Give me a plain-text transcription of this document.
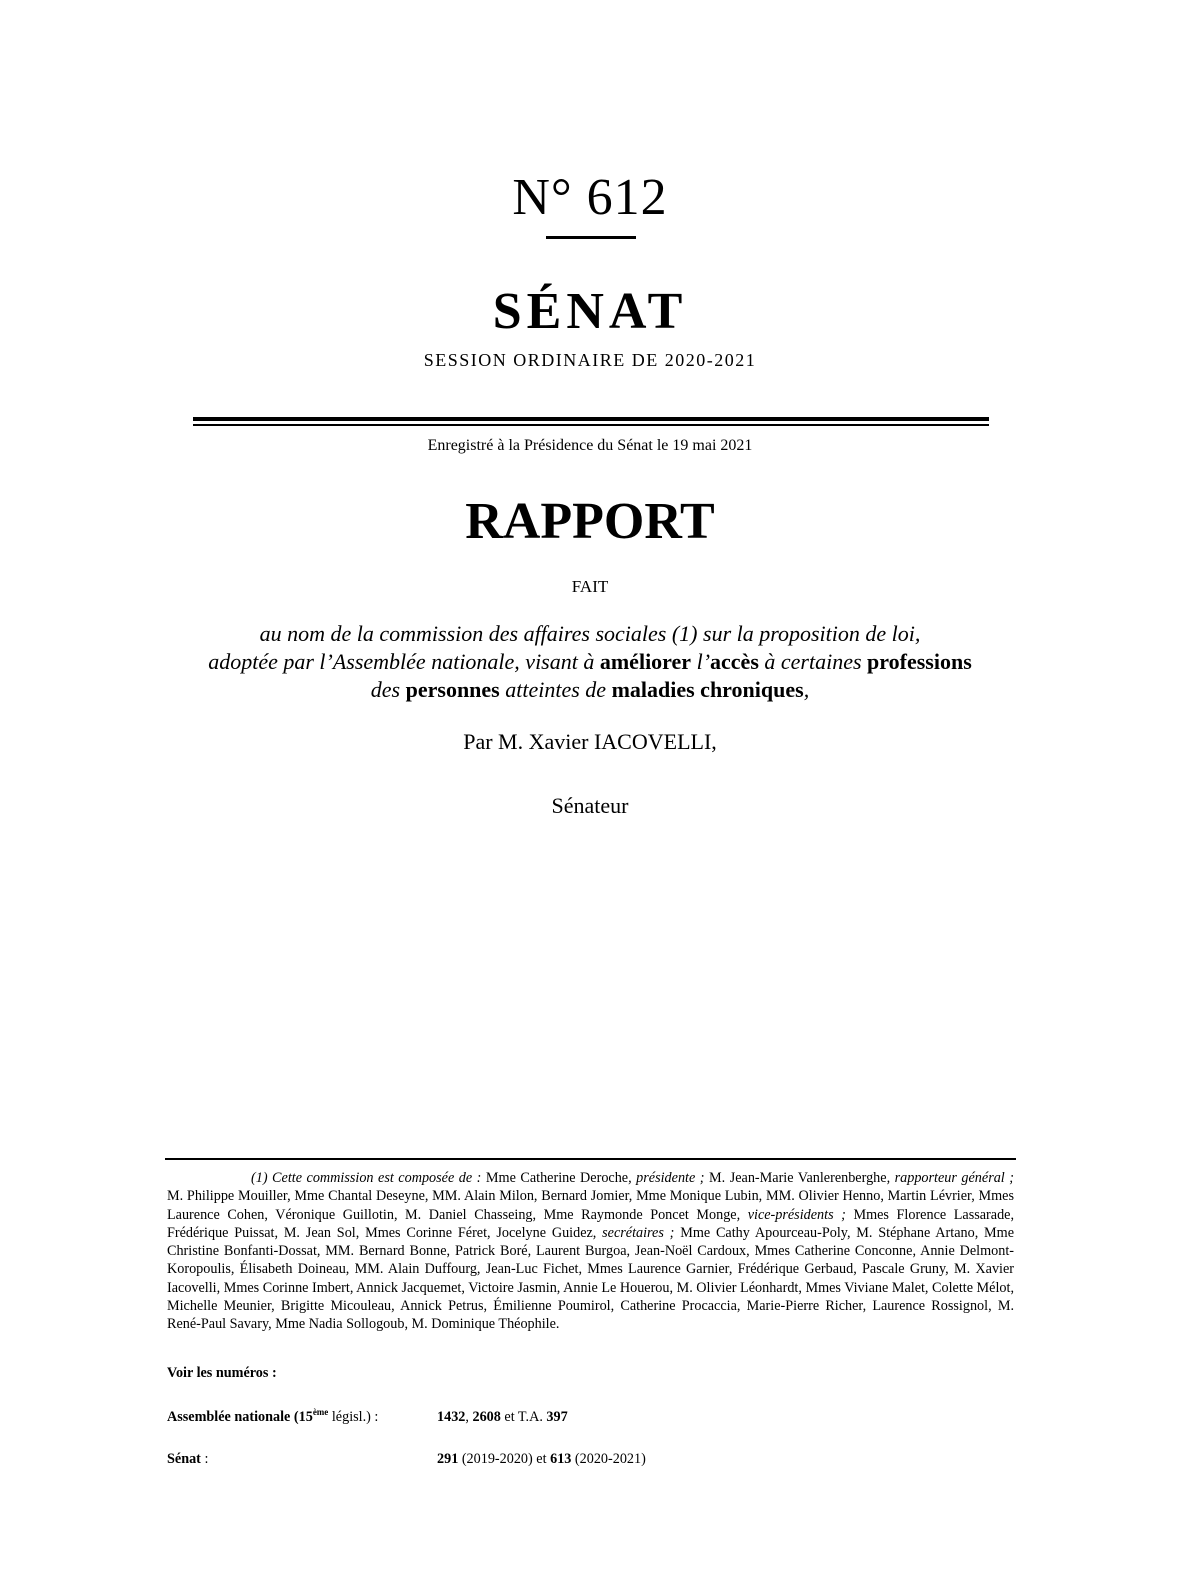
N° 612
SÉNAT
SESSION ORDINAIRE DE 2020-2021
Enregistré à la Présidence du Sénat le 19 mai 2021
RAPPORT
FAIT
au nom de la commission des affaires sociales (1) sur la proposition de loi,
adoptée par l’Assemblée nationale, visant à améliorer l’accès à certaines professions
des personnes atteintes de maladies chroniques,
Par M. Xavier IACOVELLI,
Sénateur
(1) Cette commission est composée de : Mme Catherine Deroche, présidente ; M. Jean-Marie Vanlerenberghe, rapporteur général ; M. Philippe Mouiller, Mme Chantal Deseyne, MM. Alain Milon, Bernard Jomier, Mme Monique Lubin, MM. Olivier Henno, Martin Lévrier, Mmes Laurence Cohen, Véronique Guillotin, M. Daniel Chasseing, Mme Raymonde Poncet Monge, vice-présidents ; Mmes Florence Lassarade, Frédérique Puissat, M. Jean Sol, Mmes Corinne Féret, Jocelyne Guidez, secrétaires ; Mme Cathy Apourceau-Poly, M. Stéphane Artano, Mme Christine Bonfanti-Dossat, MM. Bernard Bonne, Patrick Boré, Laurent Burgoa, Jean-Noël Cardoux, Mmes Catherine Conconne, Annie Delmont-Koropoulis, Élisabeth Doineau, MM. Alain Duffourg, Jean-Luc Fichet, Mmes Laurence Garnier, Frédérique Gerbaud, Pascale Gruny, M. Xavier Iacovelli, Mmes Corinne Imbert, Annick Jacquemet, Victoire Jasmin, Annie Le Houerou, M. Olivier Léonhardt, Mmes Viviane Malet, Colette Mélot, Michelle Meunier, Brigitte Micouleau, Annick Petrus, Émilienne Poumirol, Catherine Procaccia, Marie-Pierre Richer, Laurence Rossignol, M. René-Paul Savary, Mme Nadia Sollogoub, M. Dominique Théophile.
Voir les numéros :
Assemblée nationale (15ème législ.) :	1432, 2608 et T.A. 397
Sénat :	291 (2019-2020) et 613 (2020-2021)
